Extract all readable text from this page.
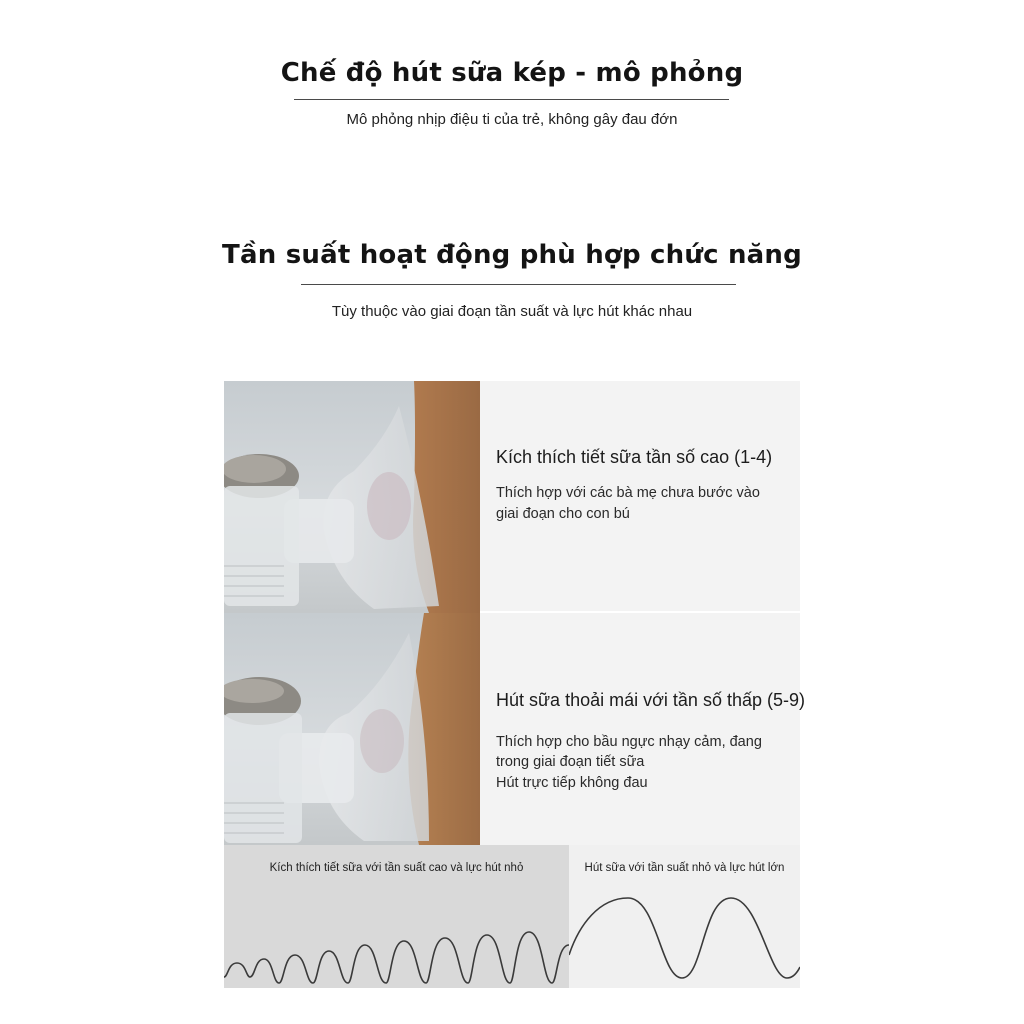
Chế độ hút sữa kép - mô phỏng

Mô phỏng nhịp điệu ti của trẻ, không gây đau đớn

Tần suất hoạt động phù hợp chức năng

Tùy thuộc vào giai đoạn tần suất và lực hút khác nhau

Kích thích tiết sữa tần số cao (1-4)

Thích hợp với các bà mẹ chưa bước vào

giai đoạn cho con bú

Hút sữa thoải mái với tần số thấp (5-9)

Thích hợp cho bầu ngực nhạy cảm, đang

trong giai đoạn tiết sữa

Hút trực tiếp không đau

Kích thích tiết sữa với tần suất cao và lực hút nhỏ	Hút sữa với tần suất nhỏ và lực hút lớn
